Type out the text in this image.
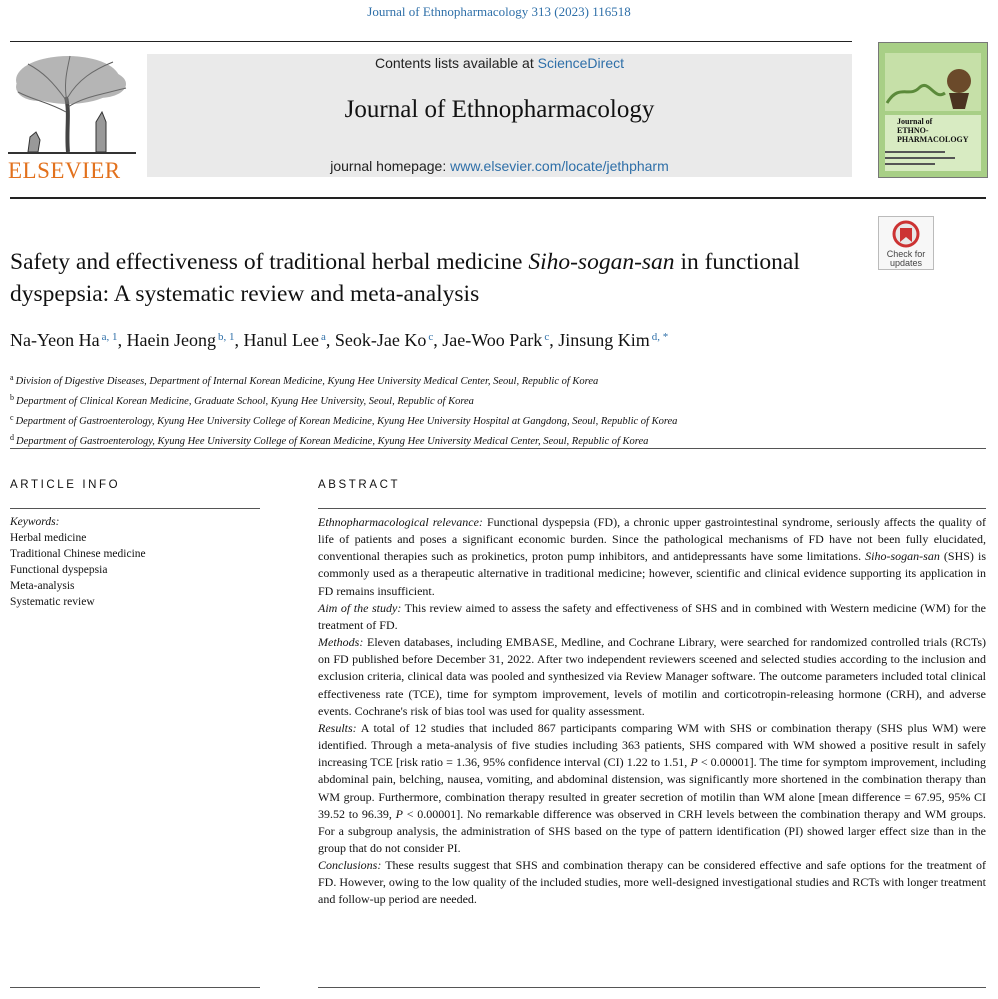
Journal of Ethnopharmacology 313 (2023) 116518
ELSEVIER
Contents lists available at ScienceDirect
Journal of Ethnopharmacology
journal homepage: www.elsevier.com/locate/jethpharm
Journal of
ETHNO-
PHARMACOLOGY
Check for
updates
Safety and effectiveness of traditional herbal medicine Siho-sogan-san in functional dyspepsia: A systematic review and meta-analysis
Na-Yeon Ha $^{a, 1}$, Haein Jeong $^{b, 1}$, Hanul Lee $^a$, Seok-Jae Ko $^c$, Jae-Woo Park $^c$, Jinsung Kim $^{d, *}$
$^a$ Division of Digestive Diseases, Department of Internal Korean Medicine, Kyung Hee University Medical Center, Seoul, Republic of Korea
$^b$ Department of Clinical Korean Medicine, Graduate School, Kyung Hee University, Seoul, Republic of Korea
$^c$ Department of Gastroenterology, Kyung Hee University College of Korean Medicine, Kyung Hee University Hospital at Gangdong, Seoul, Republic of Korea
$^d$ Department of Gastroenterology, Kyung Hee University College of Korean Medicine, Kyung Hee University Medical Center, Seoul, Republic of Korea
ARTICLE INFO	ABSTRACT
Keywords:
Herbal medicine
Traditional Chinese medicine
Functional dyspepsia
Meta-analysis
Systematic review

Ethnopharmacological relevance: Functional dyspepsia (FD), a chronic upper gastrointestinal syndrome, seriously affects the quality of life of patients and poses a significant economic burden. Since the pathological mechanisms of FD have not been fully elucidated, conventional therapies such as prokinetics, proton pump inhibitors, and antidepressants have some limitations. Siho-sogan-san (SHS) is commonly used as a therapeutic alternative in traditional medicine; however, scientific and clinical evidence supporting its application in FD remains insufficient.

Aim of the study: This review aimed to assess the safety and effectiveness of SHS and in combined with Western medicine (WM) for the treatment of FD.

Methods: Eleven databases, including EMBASE, Medline, and Cochrane Library, were searched for randomized controlled trials (RCTs) on FD published before December 31, 2022. After two independent reviewers sceened and selected studies according to the inclusion and exclusion criteria, clinical data was pooled and synthesized via Review Manager software. The outcome parameters included total clinical effectiveness rate (TCE), time for symptom improvement, levels of motilin and corticotropin-releasing hormone (CRH), and adverse events. Cochrane's risk of bias tool was used for quality assessment.

Results: A total of 12 studies that included 867 participants comparing WM with SHS or combination therapy (SHS plus WM) were identified. Through a meta-analysis of five studies including 363 patients, SHS compared with WM showed a positive result in safely increasing TCE [risk ratio = 1.36, 95% confidence interval (CI) 1.22 to 1.51, P < 0.00001]. The time for symptom improvement, including abdominal pain, belching, nausea, vomiting, and abdominal distension, was significantly more shortened in the combination therapy than WM group. Furthermore, combination therapy resulted in greater secretion of motilin than WM alone [mean difference = 67.95, 95% CI 39.52 to 96.39, P < 0.00001]. No remarkable difference was observed in CRH levels between the combination therapy and WM groups. For a subgroup analysis, the administration of SHS based on the type of pattern identification (PI) showed larger effect size than in the group that do not consider PI.

Conclusions: These results suggest that SHS and combination therapy can be considered effective and safe options for the treatment of FD. However, owing to the low quality of the included studies, more well-designed investigational studies and RCTs with longer treatment and follow-up period are needed.
